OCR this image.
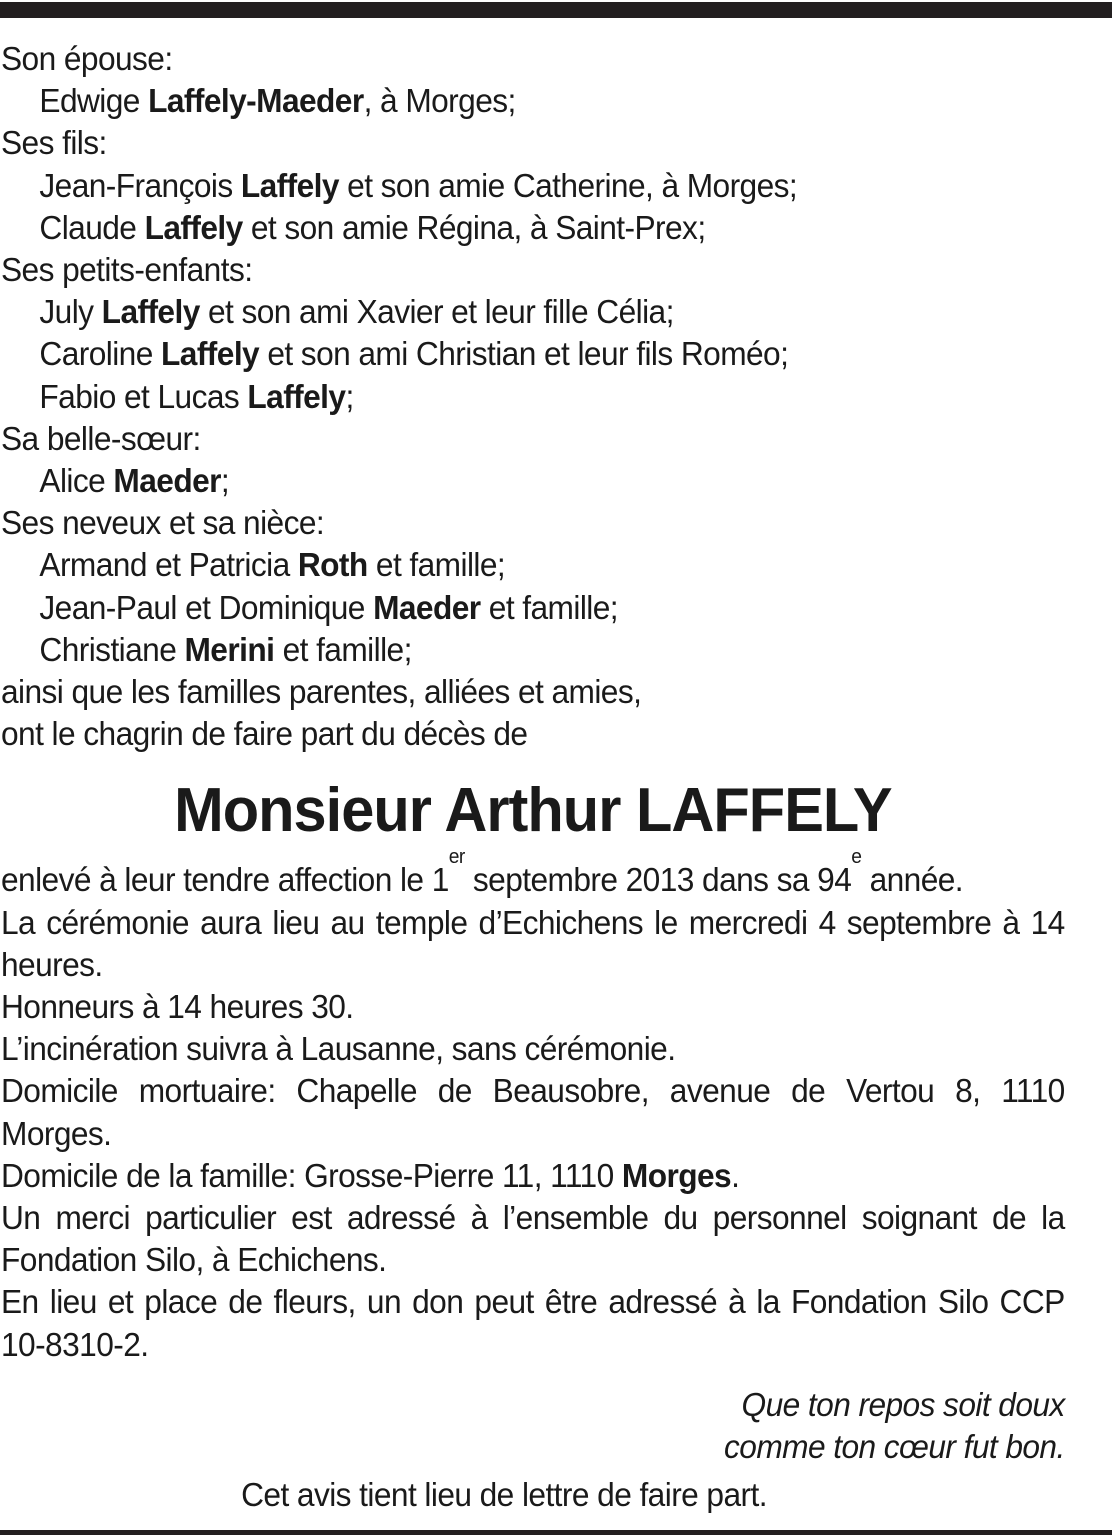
Son épouse:
Edwige Laffely-Maeder, à Morges;
Ses fils:
Jean-François Laffely et son amie Catherine, à Morges;
Claude Laffely et son amie Régina, à Saint-Prex;
Ses petits-enfants:
July Laffely et son ami Xavier et leur fille Célia;
Caroline Laffely et son ami Christian et leur fils Roméo;
Fabio et Lucas Laffely;
Sa belle-sœur:
Alice Maeder;
Ses neveux et sa nièce:
Armand et Patricia Roth et famille;
Jean-Paul et Dominique Maeder et famille;
Christiane Merini et famille;
ainsi que les familles parentes, alliées et amies,
ont le chagrin de faire part du décès de
Monsieur Arthur LAFFELY
enlevé à leur tendre affection le 1er septembre 2013 dans sa 94e année.
La cérémonie aura lieu au temple d’Echichens le mercredi 4 septembre à 14 heures.
Honneurs à 14 heures 30.
L’incinération suivra à Lausanne, sans cérémonie.
Domicile mortuaire: Chapelle de Beausobre, avenue de Vertou 8, 1110 Morges.
Domicile de la famille: Grosse-Pierre 11, 1110 Morges.
Un merci particulier est adressé à l’ensemble du personnel soignant de la Fondation Silo, à Echichens.
En lieu et place de fleurs, un don peut être adressé à la Fondation Silo CCP 10-8310-2.
Que ton repos soit doux
comme ton cœur fut bon.
Cet avis tient lieu de lettre de faire part.
